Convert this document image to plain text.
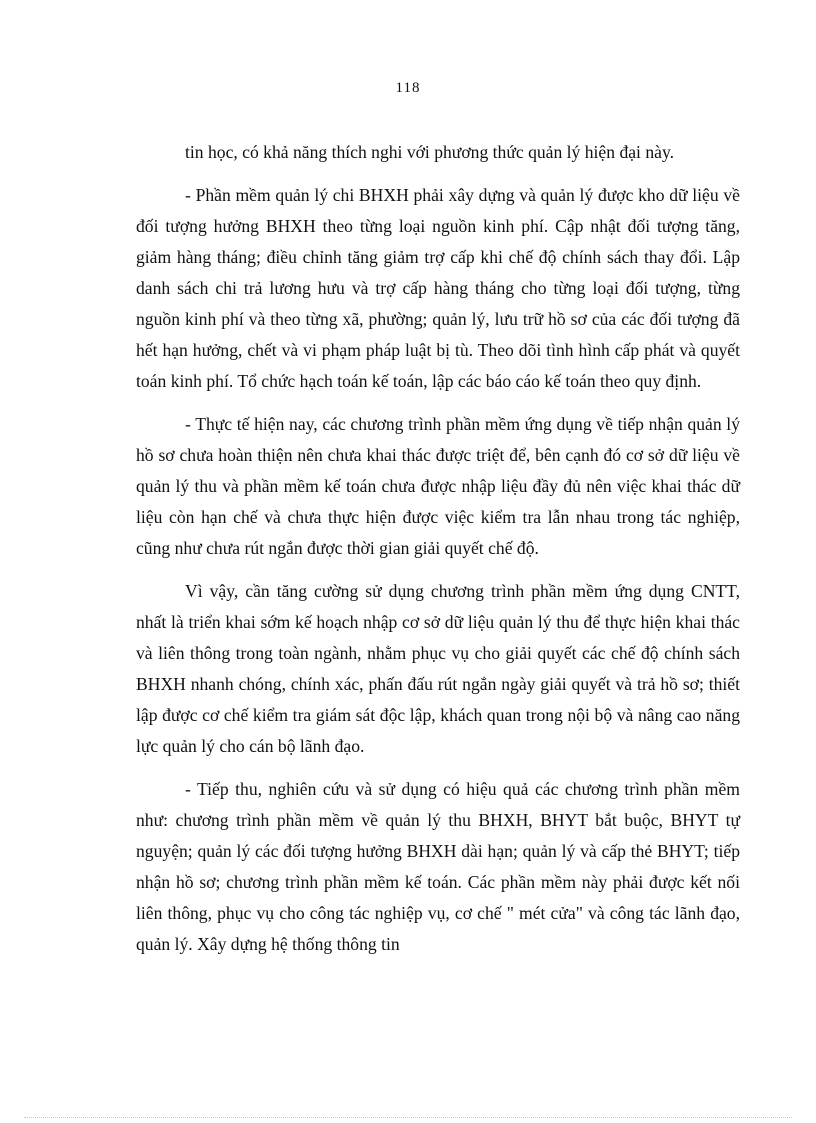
118

tin học, có khả năng thích nghi với phương thức quản lý hiện đại này.

- Phần mềm quản lý chi BHXH phải xây dựng và quản lý được kho dữ liệu về đối tượng hưởng BHXH theo từng loại nguồn kinh phí. Cập nhật đối tượng tăng, giảm hàng tháng; điều chỉnh tăng giảm trợ cấp khi chế độ chính sách thay đổi. Lập danh sách chi trả lương hưu và trợ cấp hàng tháng cho từng loại đối tượng, từng nguồn kinh phí và theo từng xã, phường; quản lý, lưu trữ hồ sơ của các đối tượng đã hết hạn hưởng, chết và vi phạm pháp luật bị tù. Theo dõi tình hình cấp phát và quyết toán kinh phí. Tổ chức hạch toán kế toán, lập các báo cáo kế toán theo quy định.

- Thực tế hiện nay, các chương trình phần mềm ứng dụng về tiếp nhận quản lý hồ sơ chưa hoàn thiện nên chưa khai thác được triệt để, bên cạnh đó cơ sở dữ liệu về quản lý thu và phần mềm kế toán chưa được nhập liệu đầy đủ nên việc khai thác dữ liệu còn hạn chế và chưa thực hiện được việc kiểm tra lẫn nhau trong tác nghiệp, cũng như chưa rút ngắn được thời gian giải quyết chế độ.

Vì vậy, cần tăng cường sử dụng chương trình phần mềm ứng dụng CNTT, nhất là triển khai sớm kế hoạch nhập cơ sở dữ liệu quản lý thu để thực hiện khai thác và liên thông trong toàn ngành, nhằm phục vụ cho giải quyết các chế độ chính sách BHXH nhanh chóng, chính xác, phấn đấu rút ngắn ngày giải quyết và trả hồ sơ; thiết lập được cơ chế kiểm tra giám sát độc lập, khách quan trong nội bộ và nâng cao năng lực quản lý cho cán bộ lãnh đạo.

- Tiếp thu, nghiên cứu và sử dụng có hiệu quả các chương trình phần mềm như: chương trình phần mềm về quản lý thu BHXH, BHYT bắt buộc, BHYT tự nguyện; quản lý các đối tượng hưởng BHXH dài hạn; quản lý và cấp thẻ BHYT; tiếp nhận hồ sơ; chương trình phần mềm kế toán. Các phần mềm này phải được kết nối liên thông, phục vụ cho công tác nghiệp vụ, cơ chế " mét cửa" và công tác lãnh đạo, quản lý. Xây dựng hệ thống thông tin
